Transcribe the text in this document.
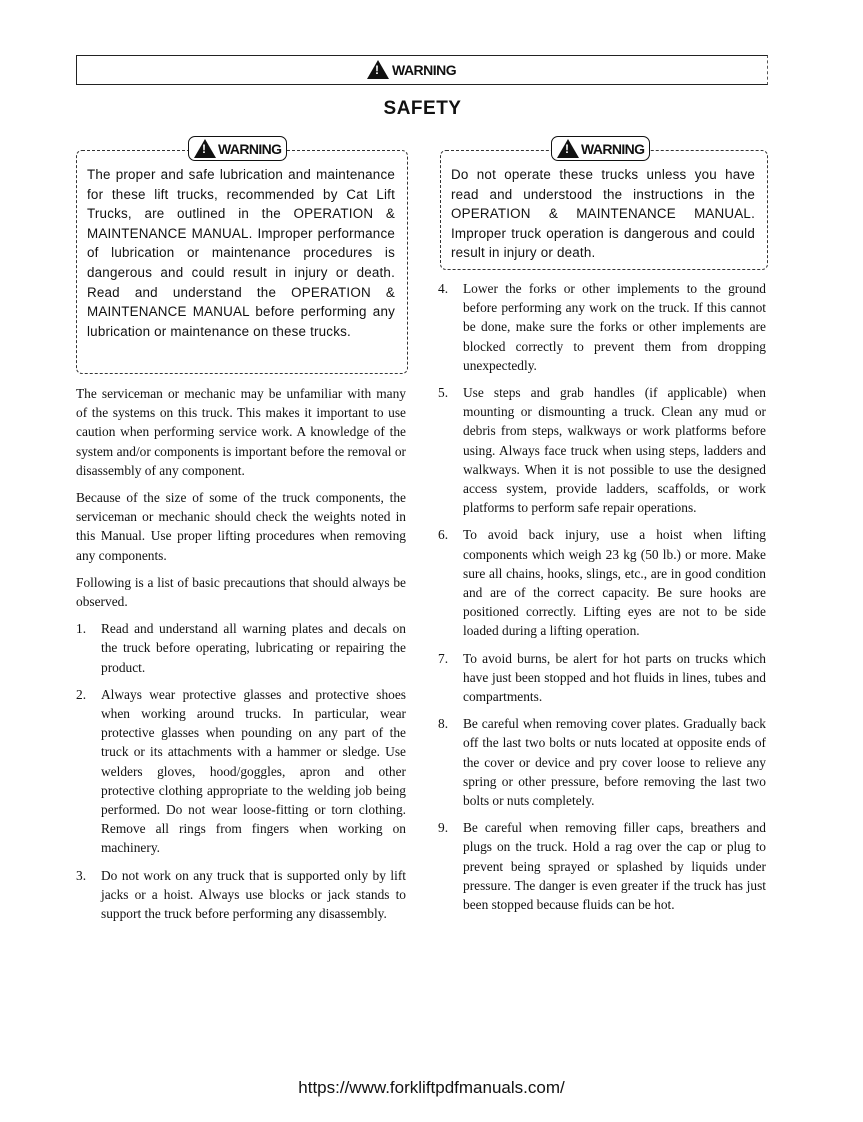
!
WARNING
SAFETY
!
WARNING
The proper and safe lubrication and maintenance for these lift trucks, recommended by Cat Lift Trucks, are outlined in the OPERATION & MAINTENANCE MANUAL. Improper performance of lubrication or maintenance procedures is dangerous and could result in injury or death. Read and understand the OPERATION & MAINTENANCE MANUAL before performing any lubrication or maintenance on these trucks.
!
WARNING
Do not operate these trucks unless you have read and understood the instructions in the OPERATION & MAINTENANCE MANUAL. Improper truck operation is dangerous and could result in injury or death.

The serviceman or mechanic may be unfamiliar with many of the systems on this truck. This makes it important to use caution when performing service work. A knowledge of the system and/or components is important before the removal or disassembly of any component.

Because of the size of some of the truck components, the serviceman or mechanic should check the weights noted in this Manual. Use proper lifting procedures when removing any components.

Following is a list of basic precautions that should always be observed.

1.	Read and understand all warning plates and decals on the truck before operating, lubricating or repairing the product.
2.	Always wear protective glasses and protective shoes when working around trucks. In particular, wear protective glasses when pounding on any part of the truck or its attachments with a hammer or sledge. Use welders gloves, hood/goggles, apron and other protective clothing appropriate to the welding job being performed. Do not wear loose-fitting or torn clothing. Remove all rings from fingers when working on machinery.
3.	Do not work on any truck that is supported only by lift jacks or a hoist. Always use blocks or jack stands to support the truck before performing any disassembly.
4.	Lower the forks or other implements to the ground before performing any work on the truck. If this cannot be done, make sure the forks or other implements are blocked correctly to prevent them from dropping unexpectedly.
5.	Use steps and grab handles (if applicable) when mounting or dismounting a truck. Clean any mud or debris from steps, walkways or work platforms before using. Always face truck when using steps, ladders and walkways. When it is not possible to use the designed access system, provide ladders, scaffolds, or work platforms to perform safe repair operations.
6.	To avoid back injury, use a hoist when lifting components which weigh 23 kg (50 lb.) or more. Make sure all chains, hooks, slings, etc., are in good condition and are of the correct capacity. Be sure hooks are positioned correctly. Lifting eyes are not to be side loaded during a lifting operation.
7.	To avoid burns, be alert for hot parts on trucks which have just been stopped and hot fluids in lines, tubes and compartments.
8.	Be careful when removing cover plates. Gradually back off the last two bolts or nuts located at opposite ends of the cover or device and pry cover loose to relieve any spring or other pressure, before removing the last two bolts or nuts completely.
9.	Be careful when removing filler caps, breathers and plugs on the truck. Hold a rag over the cap or plug to prevent being sprayed or splashed by liquids under pressure. The danger is even greater if the truck has just been stopped because fluids can be hot.
https://www.forkliftpdfmanuals.com/
